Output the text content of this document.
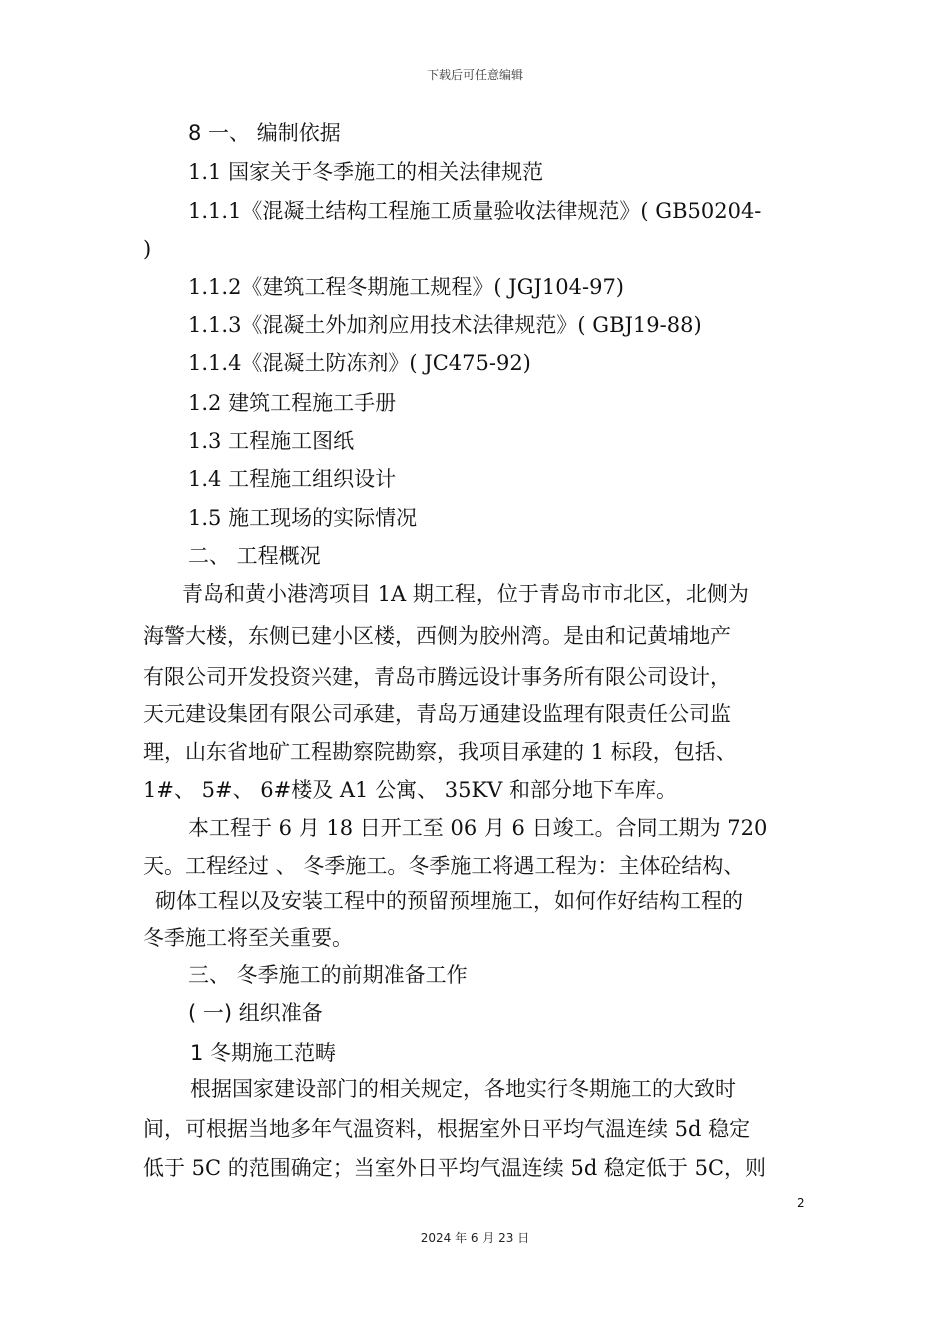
下载后可任意编辑
8 一、 编制依据
1.1 国家关于冬季施工的相关法律规范
1.1.1《混凝土结构工程施工质量验收法律规范》( GB50204-
)
1.1.2《建筑工程冬期施工规程》( JGJ104-97)
1.1.3《混凝土外加剂应用技术法律规范》( GBJ19-88)
1.1.4《混凝土防冻剂》( JC475-92)
1.2 建筑工程施工手册
1.3 工程施工图纸
1.4 工程施工组织设计
1.5 施工现场的实际情况
二、 工程概况
青岛和黄小港湾项目 1A 期工程，位于青岛市市北区，北侧为
海警大楼，东侧已建小区楼，西侧为胶州湾。是由和记黄埔地产
有限公司开发投资兴建，青岛市腾远设计事务所有限公司设计，
天元建设集团有限公司承建，青岛万通建设监理有限责任公司监
理，山东省地矿工程勘察院勘察，我项目承建的 1 标段，包括、
1#、 5#、 6#楼及 A1 公寓、 35KV 和部分地下车库。
本工程于 6 月 18 日开工至 06 月 6 日竣工。合同工期为 720
天。工程经过 、 冬季施工。冬季施工将遇工程为：主体砼结构、
砌体工程以及安装工程中的预留预埋施工，如何作好结构工程的
冬季施工将至关重要。
三、 冬季施工的前期准备工作
( 一) 组织准备
1 冬期施工范畴
根据国家建设部门的相关规定，各地实行冬期施工的大致时
间，可根据当地多年气温资料，根据室外日平均气温连续 5d 稳定
低于 5C 的范围确定；当室外日平均气温连续 5d 稳定低于 5C，则
2
2024 年 6 月 23 日
